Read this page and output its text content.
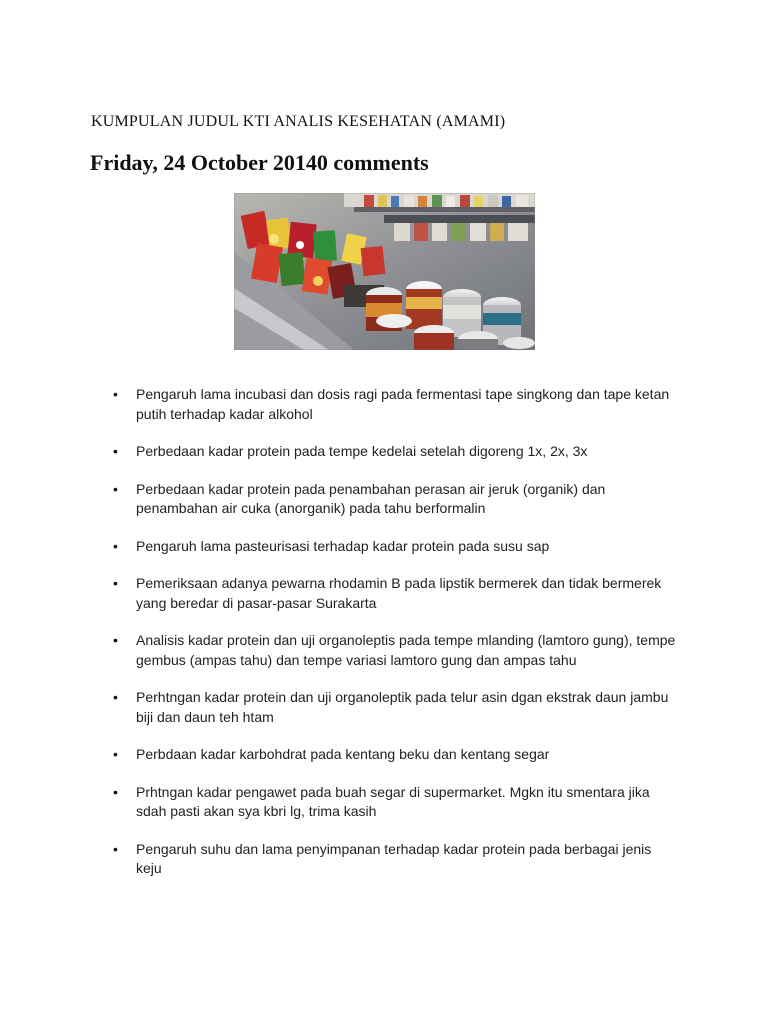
KUMPULAN JUDUL KTI ANALIS KESEHATAN (AMAMI)
Friday, 24 October 20140 comments
• Pengaruh lama incubasi dan dosis ragi pada fermentasi tape singkong dan tape ketan putih terhadap kadar alkohol
• Perbedaan kadar protein pada tempe kedelai setelah digoreng 1x, 2x, 3x
• Perbedaan kadar protein pada penambahan perasan air jeruk (organik) dan penambahan air cuka (anorganik) pada tahu berformalin
• Pengaruh lama pasteurisasi terhadap kadar protein pada susu sap
• Pemeriksaan adanya pewarna rhodamin B pada lipstik bermerek dan tidak bermerek yang beredar di pasar-pasar Surakarta
• Analisis kadar protein dan uji organoleptis pada tempe mlanding (lamtoro gung), tempe gembus (ampas tahu) dan tempe variasi lamtoro gung dan ampas tahu
• Perhtngan kadar protein dan uji organoleptik pada telur asin dgan ekstrak daun jambu biji dan daun teh htam
• Perbdaan kadar karbohdrat pada kentang beku dan kentang segar
• Prhtngan kadar pengawet pada buah segar di supermarket. Mgkn itu smentara jika sdah pasti akan sya kbri lg, trima kasih
• Pengaruh suhu dan lama penyimpanan terhadap kadar protein pada berbagai jenis keju
